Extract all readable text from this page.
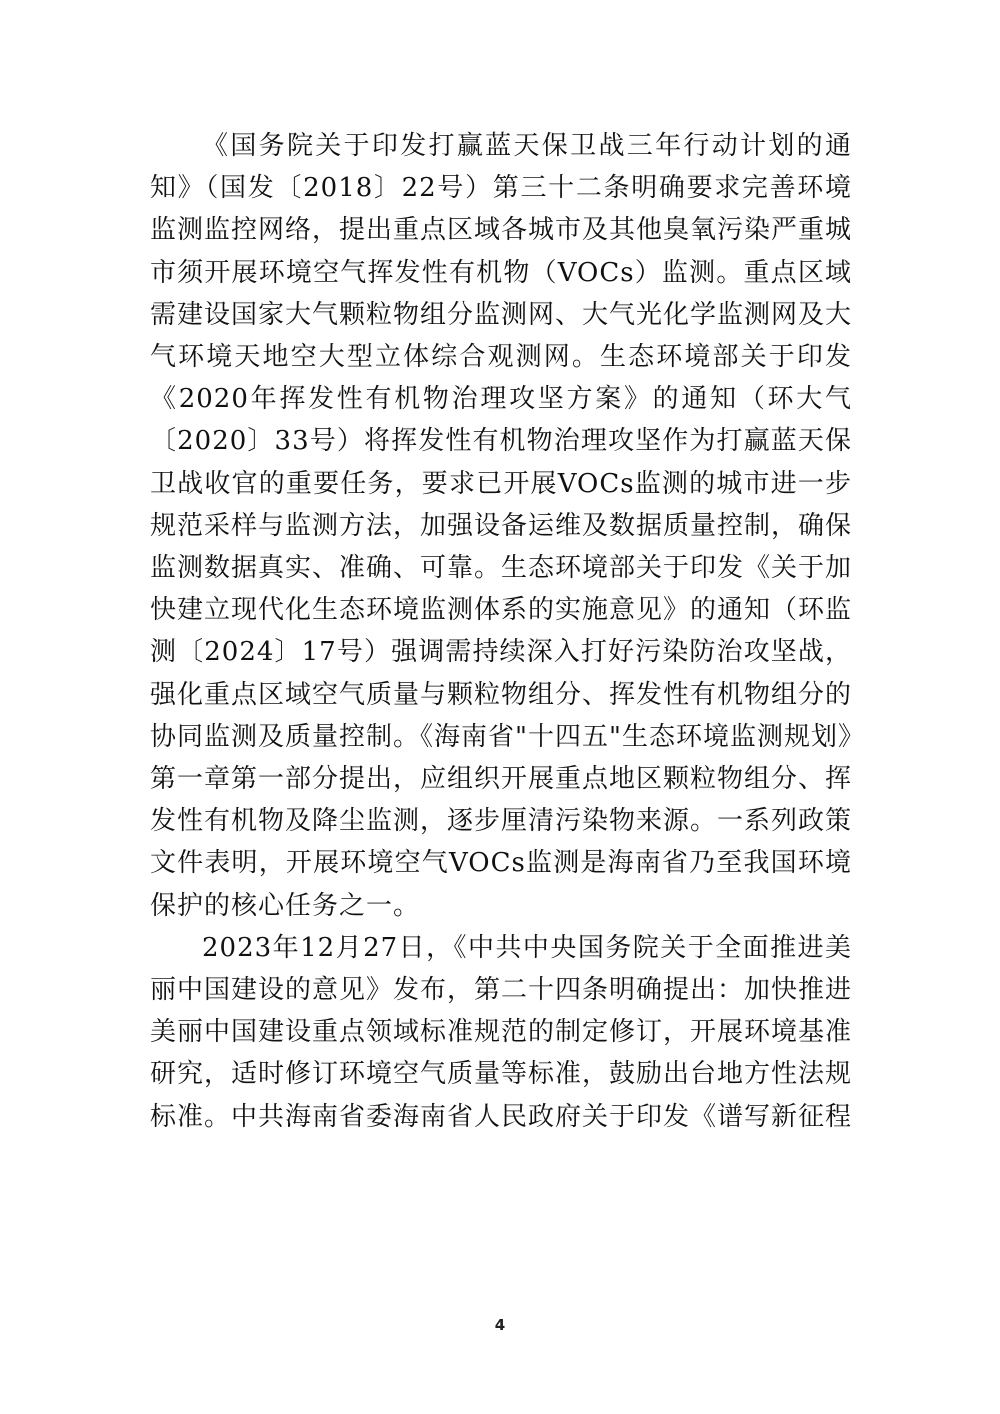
《国务院关于印发打赢蓝天保卫战三年行动计划的通知》（国发〔2018〕22号）第三十二条明确要求完善环境监测监控网络，提出重点区域各城市及其他臭氧污染严重城市须开展环境空气挥发性有机物（VOCs）监测。重点区域需建设国家大气颗粒物组分监测网、大气光化学监测网及大气环境天地空大型立体综合观测网。生态环境部关于印发《2020年挥发性有机物治理攻坚方案》的通知（环大气〔2020〕33号）将挥发性有机物治理攻坚作为打赢蓝天保卫战收官的重要任务，要求已开展VOCs监测的城市进一步规范采样与监测方法，加强设备运维及数据质量控制，确保监测数据真实、准确、可靠。生态环境部关于印发《关于加快建立现代化生态环境监测体系的实施意见》的通知（环监测〔2024〕17号）强调需持续深入打好污染防治攻坚战，强化重点区域空气质量与颗粒物组分、挥发性有机物组分的协同监测及质量控制。《海南省"十四五"生态环境监测规划》第一章第一部分提出，应组织开展重点地区颗粒物组分、挥发性有机物及降尘监测，逐步厘清污染物来源。一系列政策文件表明，开展环境空气VOCs监测是海南省乃至我国环境保护的核心任务之一。

2023年12月27日，《中共中央国务院关于全面推进美丽中国建设的意见》发布，第二十四条明确提出：加快推进美丽中国建设重点领域标准规范的制定修订，开展环境基准研究，适时修订环境空气质量等标准，鼓励出台地方性法规标准。中共海南省委海南省人民政府关于印发《谱写新征程

4
